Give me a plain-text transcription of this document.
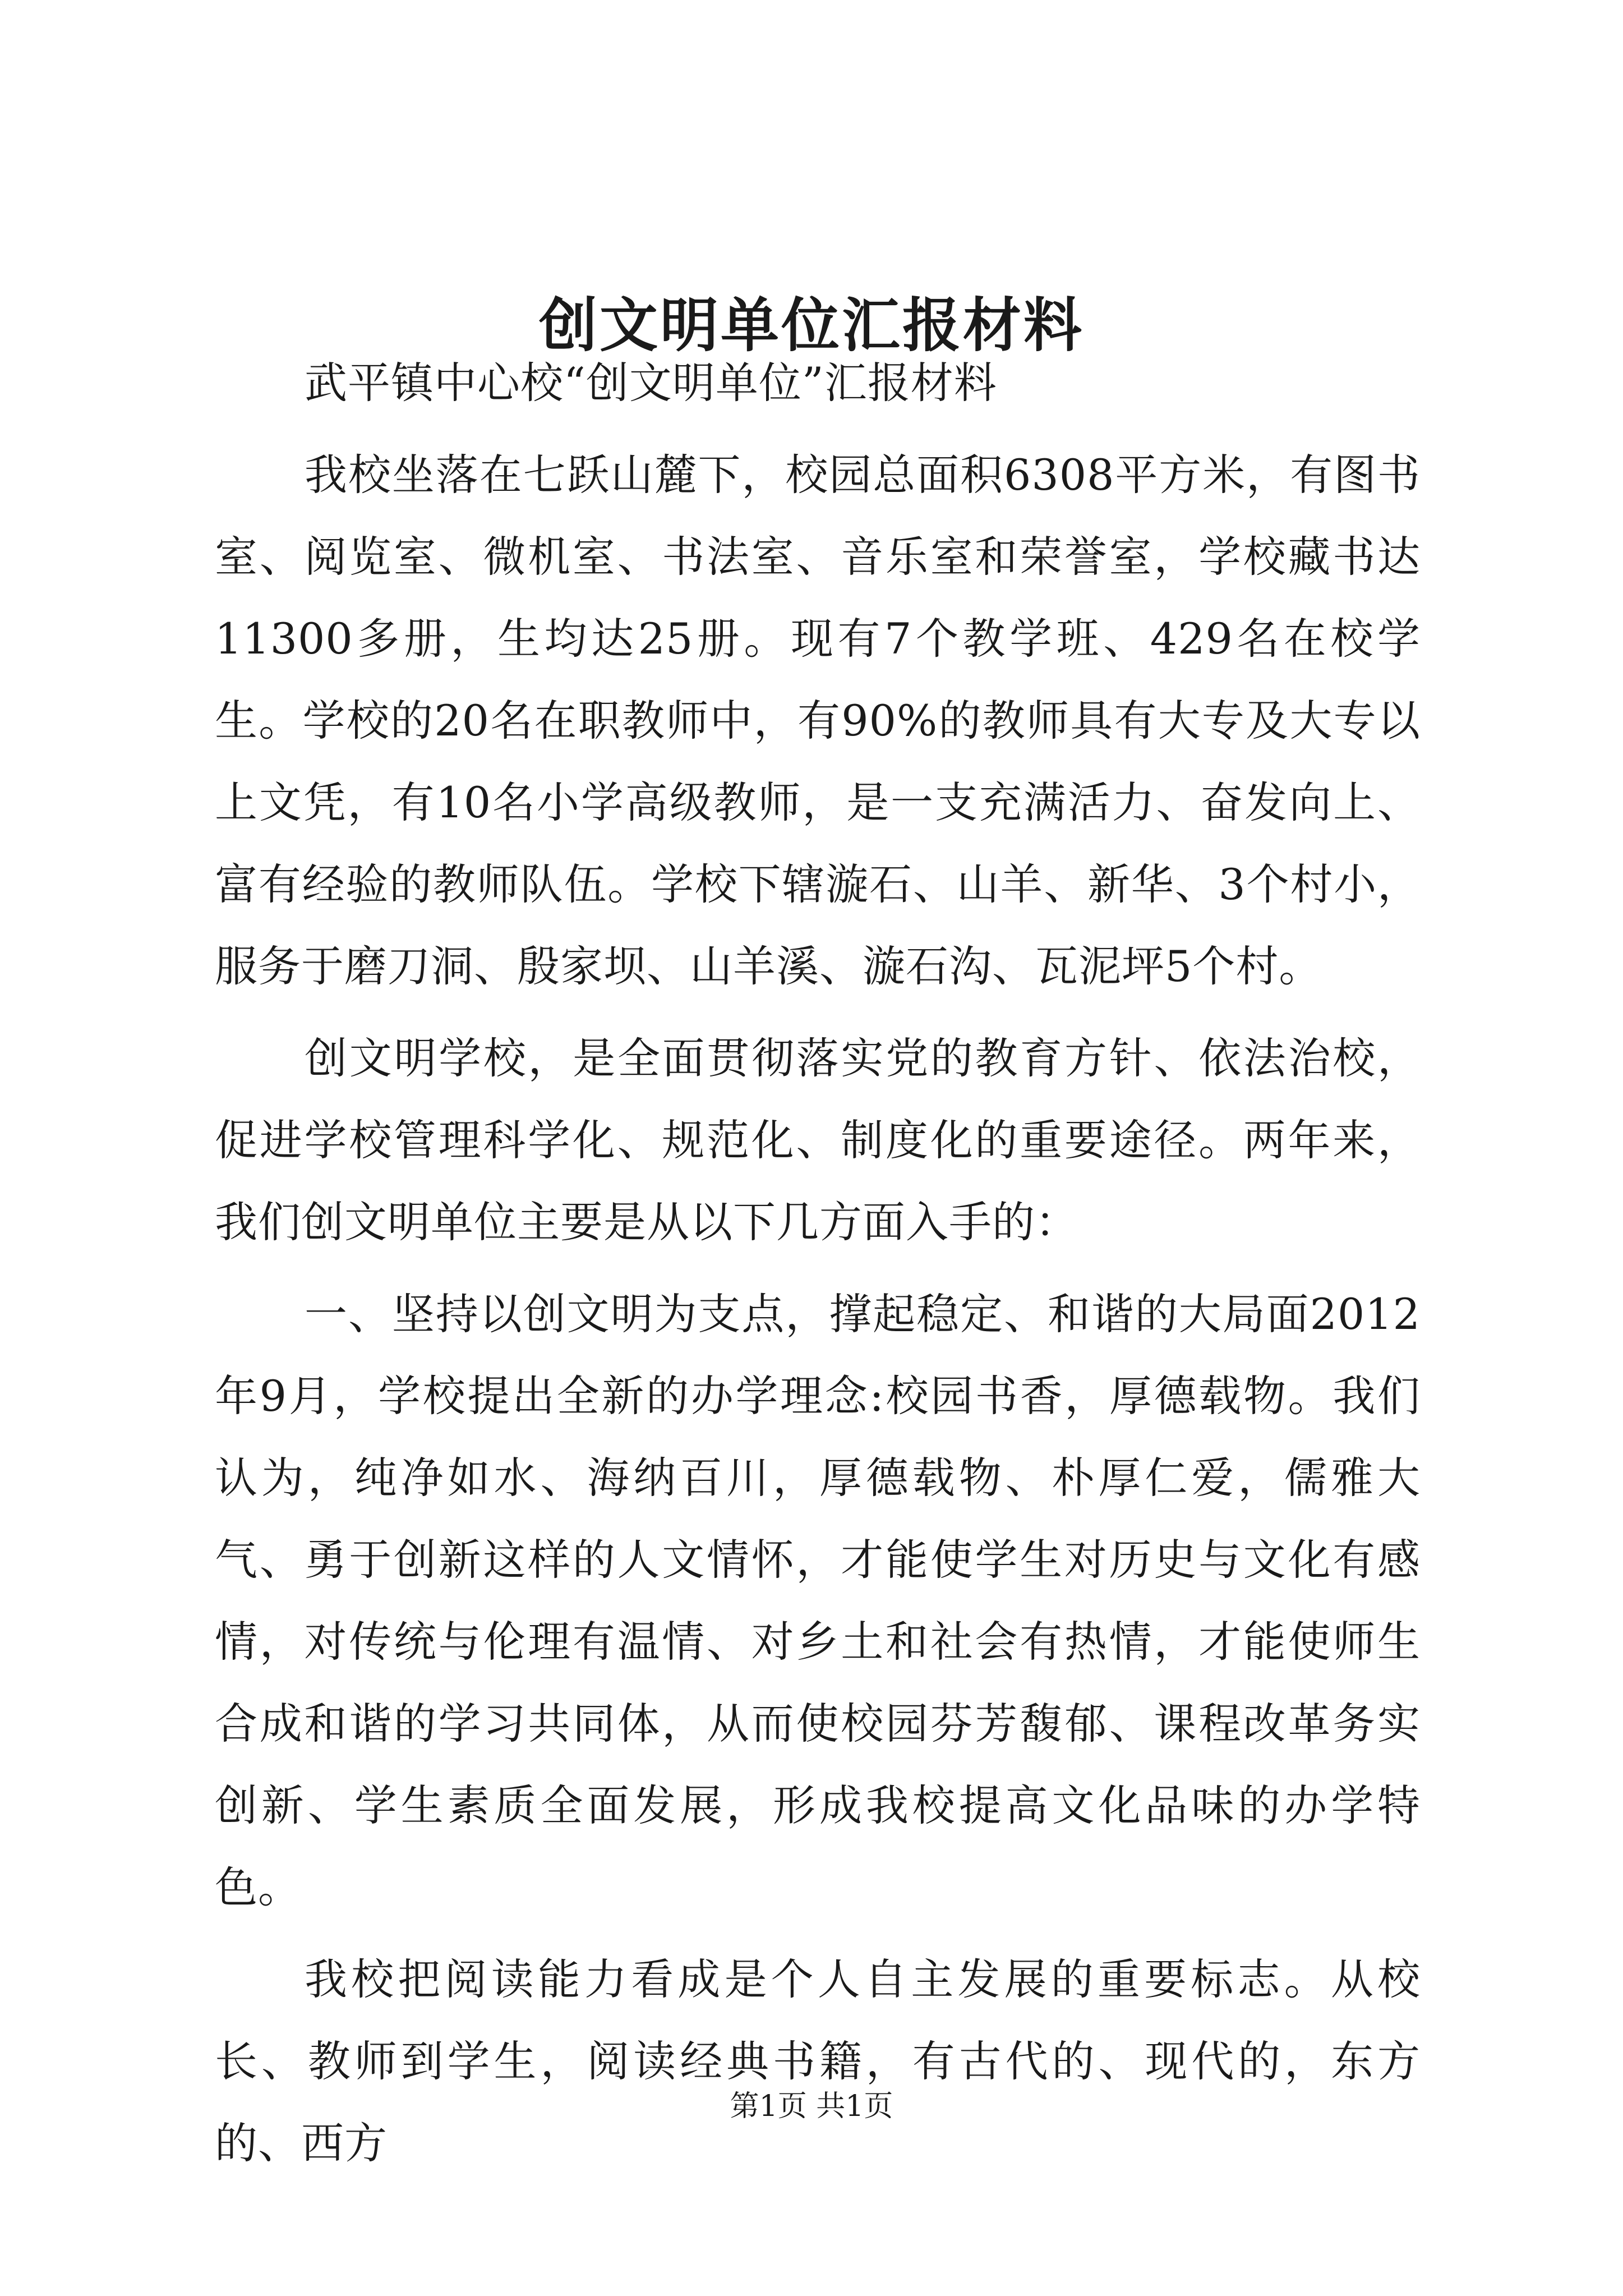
创文明单位汇报材料

武平镇中心校“创文明单位”汇报材料

我校坐落在七跃山麓下，校园总面积6308平方米，有图书室、阅览室、微机室、书法室、音乐室和荣誉室，学校藏书达11300多册，生均达25册。现有7个教学班、429名在校学生。学校的20名在职教师中，有90%的教师具有大专及大专以上文凭，有10名小学高级教师，是一支充满活力、奋发向上、富有经验的教师队伍。学校下辖漩石、山羊、新华、3个村小，服务于磨刀洞、殷家坝、山羊溪、漩石沟、瓦泥坪5个村。

创文明学校，是全面贯彻落实党的教育方针、依法治校，促进学校管理科学化、规范化、制度化的重要途径。两年来，我们创文明单位主要是从以下几方面入手的：

一、坚持以创文明为支点，撑起稳定、和谐的大局面2012年9月，学校提出全新的办学理念:校园书香，厚德载物。我们认为，纯净如水、海纳百川，厚德载物、朴厚仁爱，儒雅大气、勇于创新这样的人文情怀，才能使学生对历史与文化有感情，对传统与伦理有温情、对乡土和社会有热情，才能使师生合成和谐的学习共同体，从而使校园芬芳馥郁、课程改革务实创新、学生素质全面发展，形成我校提高文化品味的办学特色。

我校把阅读能力看成是个人自主发展的重要标志。从校长、教师到学生，阅读经典书籍，有古代的、现代的，东方的、西方

第1页 共1页
